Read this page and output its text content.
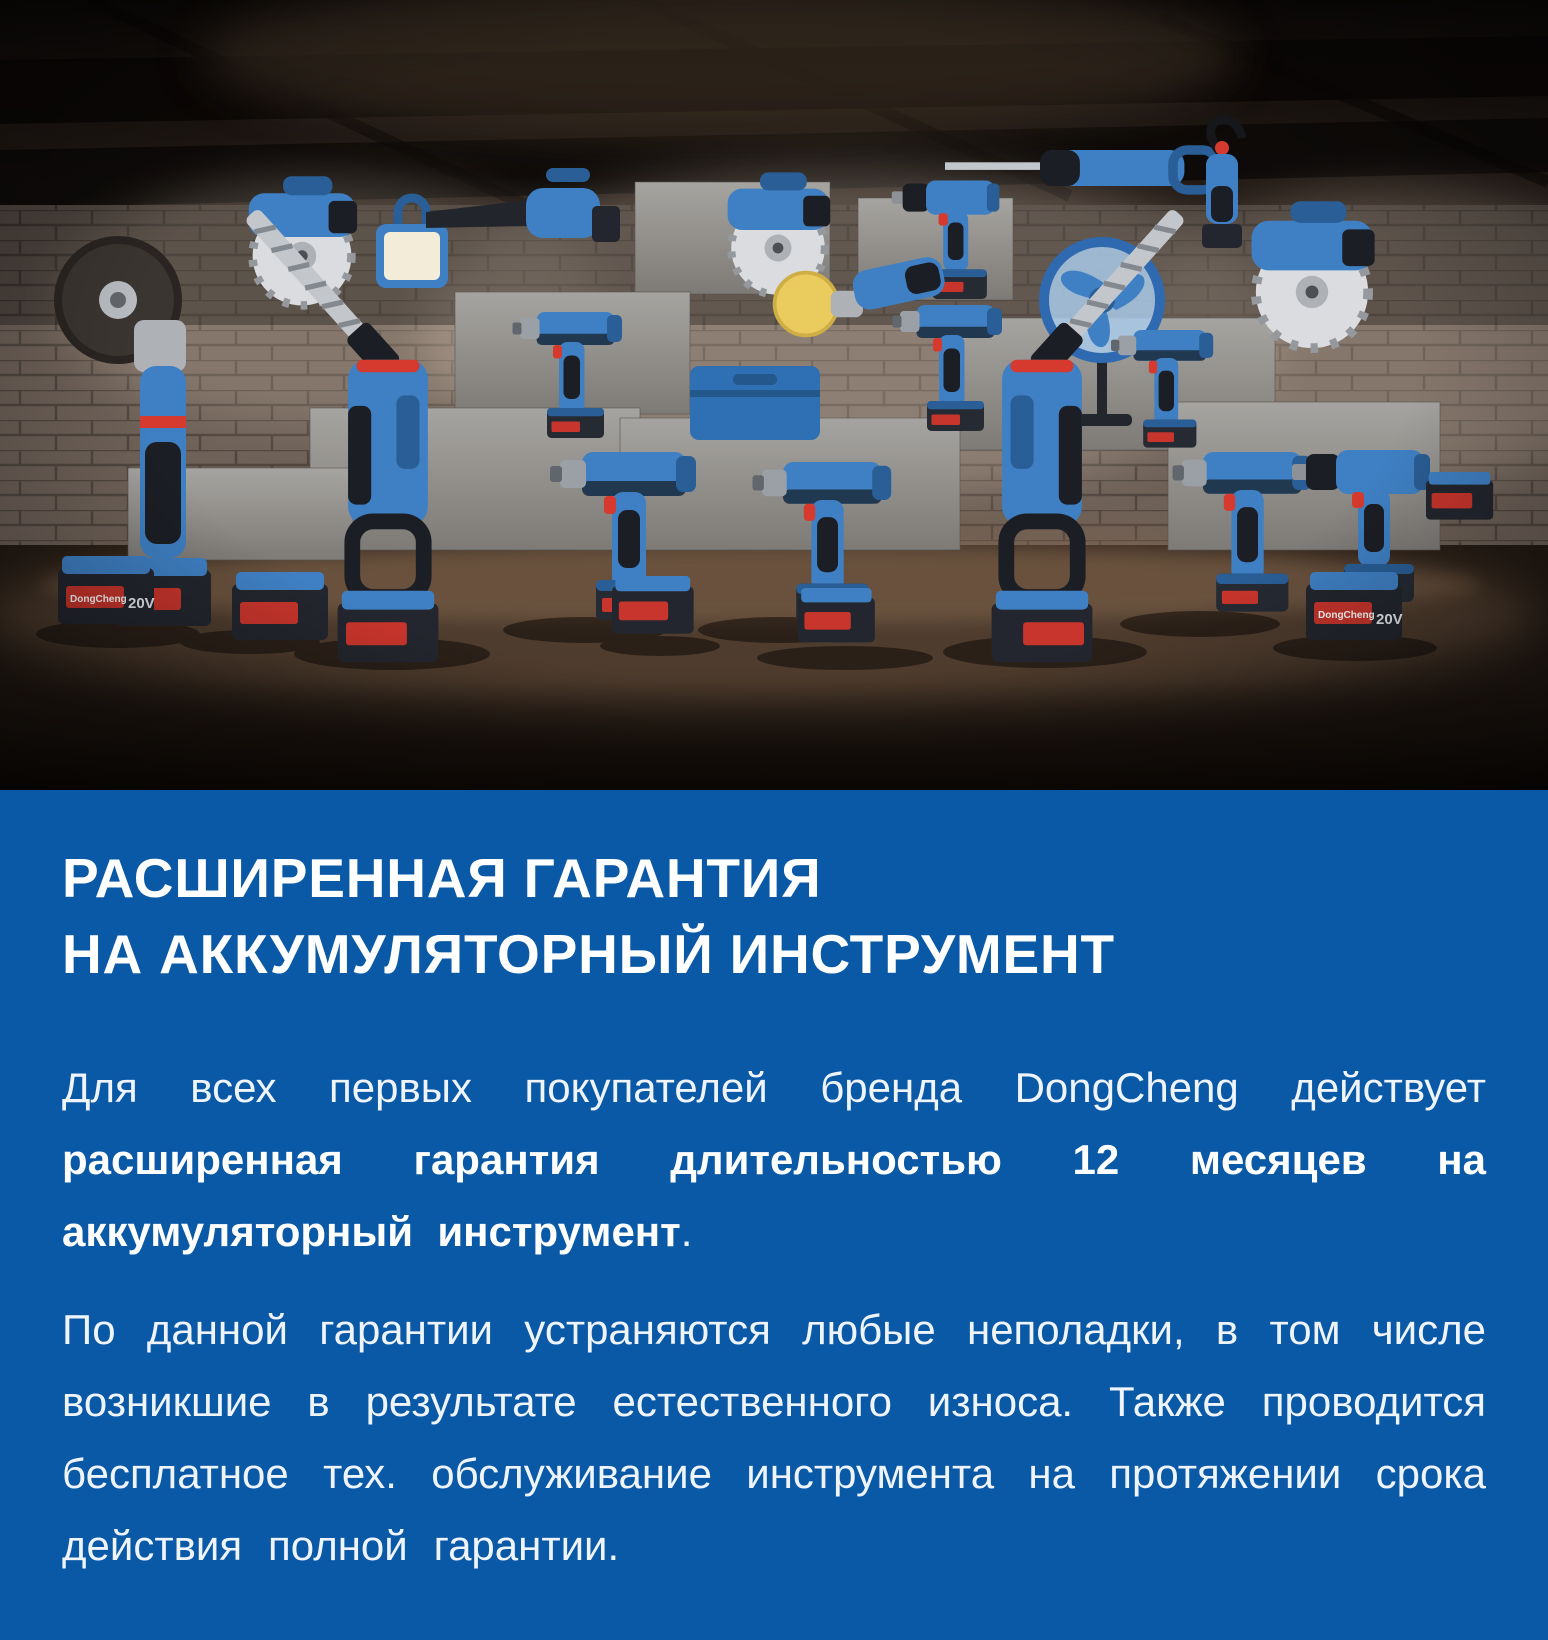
РАСШИРЕННАЯ ГАРАНТИЯ
НА АККУМУЛЯТОРНЫЙ ИНСТРУМЕНТ

Для всех первых покупателей бренда DongCheng действует расширенная гарантия длительностью 12 месяцев на аккумуляторный инструмент.

По данной гарантии устраняются любые неполадки, в том числе возникшие в результате естественного износа. Также проводится бесплатное тех. обслуживание инструмента на протяжении срока действия полной гарантии.
